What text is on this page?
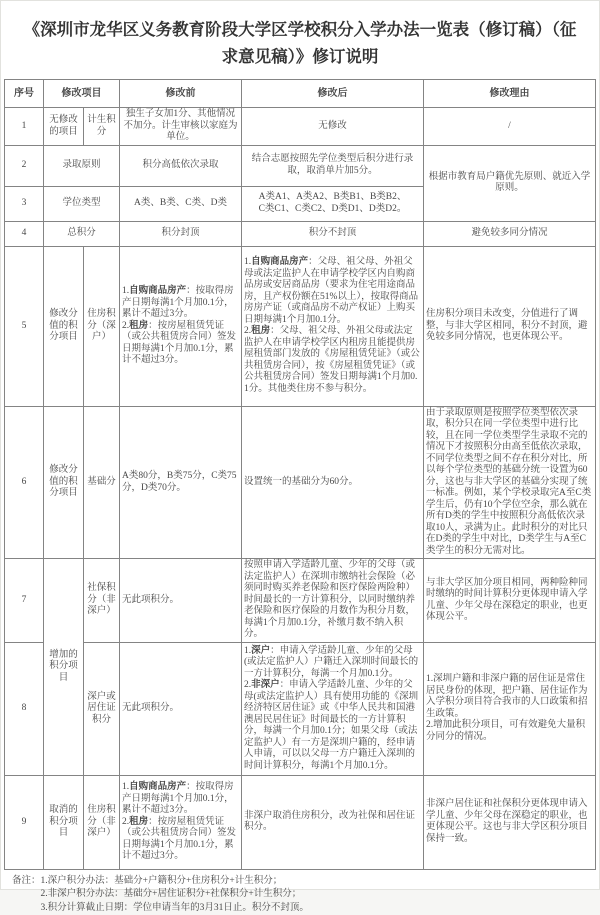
《深圳市龙华区义务教育阶段大学区学校积分入学办法一览表（修订稿）（征求意见稿）》修订说明
序号	修改项目		修改前	修改后	修改理由
1	无修改的项目	计生积分	独生子女加1分、其他情况不加分。计生审核以家庭为单位。	无修改	/
2	录取原则		积分高低依次录取	结合志愿按照先学位类型后积分进行录取，取消单片加5分。	根据市教育局户籍优先原则、就近入学原则。
3	学位类型		A类、B类、C类、D类	A类A1、A类A2、B类B1、B类B2、
C类C1、C类C2、D类D1、D类D2。	
4	总积分		积分封顶	积分不封顶	避免较多同分情况
5	修改分值的积分项目	住房积分（深户）	1.自购商品房产：按取得房产日期每满1个月加0.1分，累计不超过3分。
2.租房：按房屋租赁凭证（或公共租赁房合同）签发日期每满1个月加0.1分，累计不超过3分。	1.自购商品房产：父母、祖父母、外祖父母或法定监护人在申请学校学区内自购商品房或安居商品房（要求为住宅用途商品房，且产权份额在51%以上），按取得商品房房产证（或商品房不动产权证）上购买日期每满1个月加0.1分。
2.租房：父母、祖父母、外祖父母或法定监护人在申请学校学区内租房且能提供房屋租赁部门发放的《房屋租赁凭证》（或公共租赁房合同），按《房屋租赁凭证》（或公共租赁房合同）签发日期每满1个月加0.1分。其他类住房不参与积分。	住房积分项目未改变，分值进行了调整，与非大学区相同，积分不封顶，避免较多同分情况，也更体现公平。
6	修改分值的积分项目	基础分	A类80分，B类75分，C类75分，D类70分。	设置统一的基础分为60分。	由于录取原则是按照学位类型依次录取，积分只在同一学位类型中进行比较，且在同一学位类型学生录取不完的情况下才按照积分由高至低依次录取，不同学位类型之间不存在积分对比，所以每个学位类型的基础分统一设置为60分，这也与非大学区的基础分实现了统一标准。例如，某个学校录取完A至C类学生后，仍有10个学位空余，那么就在所有D类的学生中按照积分高低依次录取10人，录满为止。此时积分的对比只在D类的学生中对比，D类学生与A至C类学生的积分无需对比。
7	增加的积分项目	社保积分（非深户）	无此项积分。	按照申请入学适龄儿童、少年的父母（或法定监护人）在深圳市缴纳社会保险（必须同时购买养老保险和医疗保险两险种）时间最长的一方计算积分，以同时缴纳养老保险和医疗保险的月数作为积分月数，每满1个月加0.1分，补缴月数不纳入积分。	与非大学区加分项目相同，两种险种同时缴纳的时间计算积分更体现申请入学儿童、少年父母在深稳定的职业，也更体现公平。
8		深户或居住证积分	无此项积分。	1.深户：申请入学适龄儿童、少年的父母(或法定监护人）户籍迁入深圳时间最长的一方计算积分，每满一个月加0.1分。
2.非深户：申请入学适龄儿童、少年的父母(或法定监护人）具有使用功能的《深圳经济特区居住证》或《中华人民共和国港澳居民居住证》时间最长的一方计算积分，每满一个月加0.1分；如果父母（或法定监护人）有一方是深圳户籍的，经申请人申请，可以以父母一方户籍迁入深圳的时间计算积分，每满1个月加0.1分。	1.深圳户籍和非深户籍的居住证是常住居民身份的体现，把户籍、居住证作为入学积分项目符合我市的人口政策和招生政策。
2.增加此积分项目，可有效避免大量积分同分的情况。
9	取消的积分项目	住房积分（非深户）	1.自购商品房产：按取得房产日期每满1个月加0.1分，累计不超过3分。
2.租房：按房屋租赁凭证（或公共租赁房合同）签发日期每满1个月加0.1分，累计不超过3分。	非深户取消住房积分，改为社保和居住证积分。	非深户居住证和社保积分更体现申请入学儿童、少年父母在深稳定的职业，也更体现公平。这也与非大学区积分项目保持一致。
备注： 1.深户积分办法：基础分+户籍积分+住房积分+计生积分；
2.非深户积分办法：基础分+居住证积分+社保积分+计生积分；
3.积分计算截止日期：学位申请当年的3月31日止。积分不封顶。
